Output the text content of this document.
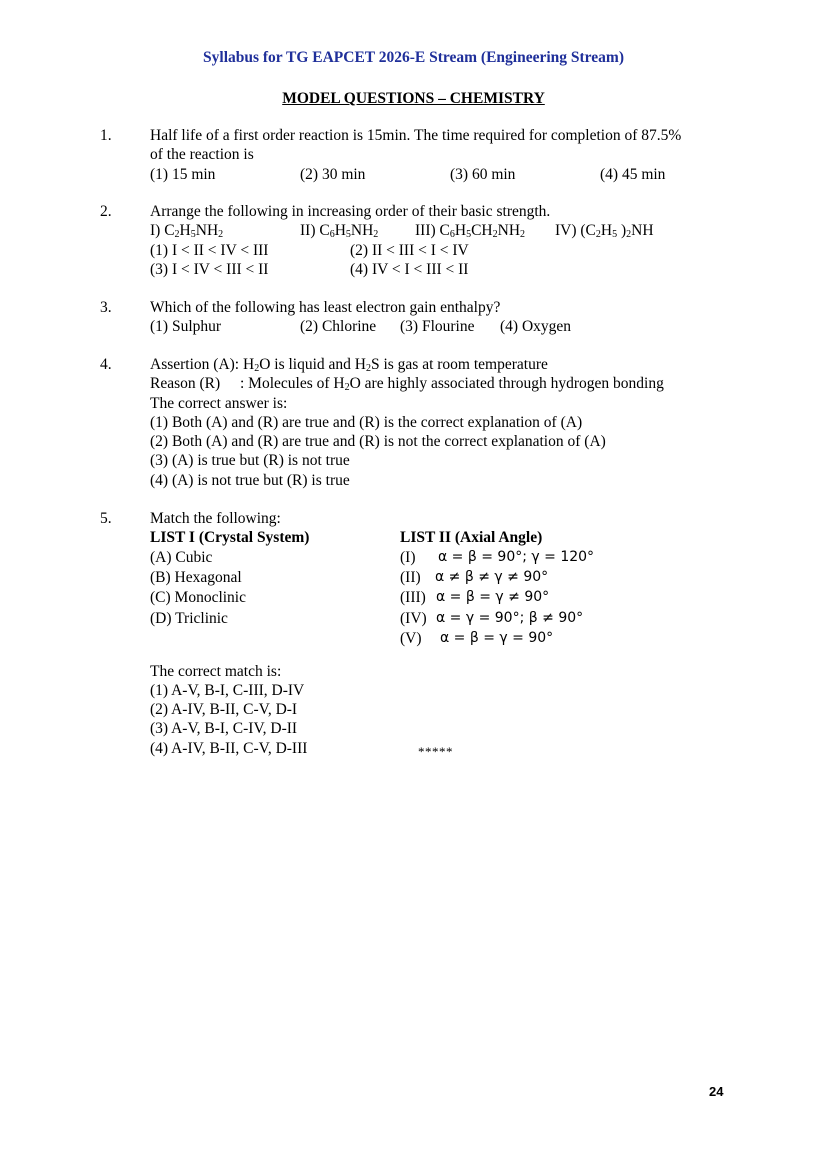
Syllabus for TG EAPCET 2026-E Stream (Engineering Stream)
MODEL QUESTIONS – CHEMISTRY
1. Half life of a first order reaction is 15min. The time required for completion of 87.5%
of the reaction is
(1) 15 min	(2) 30 min	(3) 60 min	(4) 45 min
2. Arrange the following in increasing order of their basic strength.
I) $C_2H_5NH_2$	II) $C_6H_5NH_2$ III) $C_6H_5CH_2NH_2$ IV) ($C_2H_5$ )$_2NH$
(1) I < II < IV < III	(2) II < III < I < IV
(3) I < IV < III < II	(4) IV < I < III < II
3. Which of the following has least electron gain enthalpy?
(1) Sulphur	(2) Chlorine (3) Flourine (4) Oxygen
4. Assertion (A): $H_2O$ is liquid and $H_2S$ is gas at room temperature
Reason (R) : Molecules of $H_2O$ are highly associated through hydrogen bonding
The correct answer is:
(1) Both (A) and (R) are true and (R) is the correct explanation of (A)
(2) Both (A) and (R) are true and (R) is not the correct explanation of (A)
(3) (A) is true but (R) is not true
(4) (A) is not true but (R) is true
5. Match the following:
LIST I (Crystal System)	LIST II (Axial Angle)
(A) Cubic	(I) α = β = 90°; γ = 120°
(B) Hexagonal	(II) α ≠ β ≠ γ ≠ 90°
(C) Monoclinic	(III) α = β = γ ≠ 90°
(D) Triclinic	(IV) α = γ = 90°; β ≠ 90°
(V) α = β = γ = 90°
The correct match is:
(1) A-V, B-I, C-III, D-IV
(2) A-IV, B-II, C-V, D-I
(3) A-V, B-I, C-IV, D-II
(4) A-IV, B-II, C-V, D-III	*****
24
